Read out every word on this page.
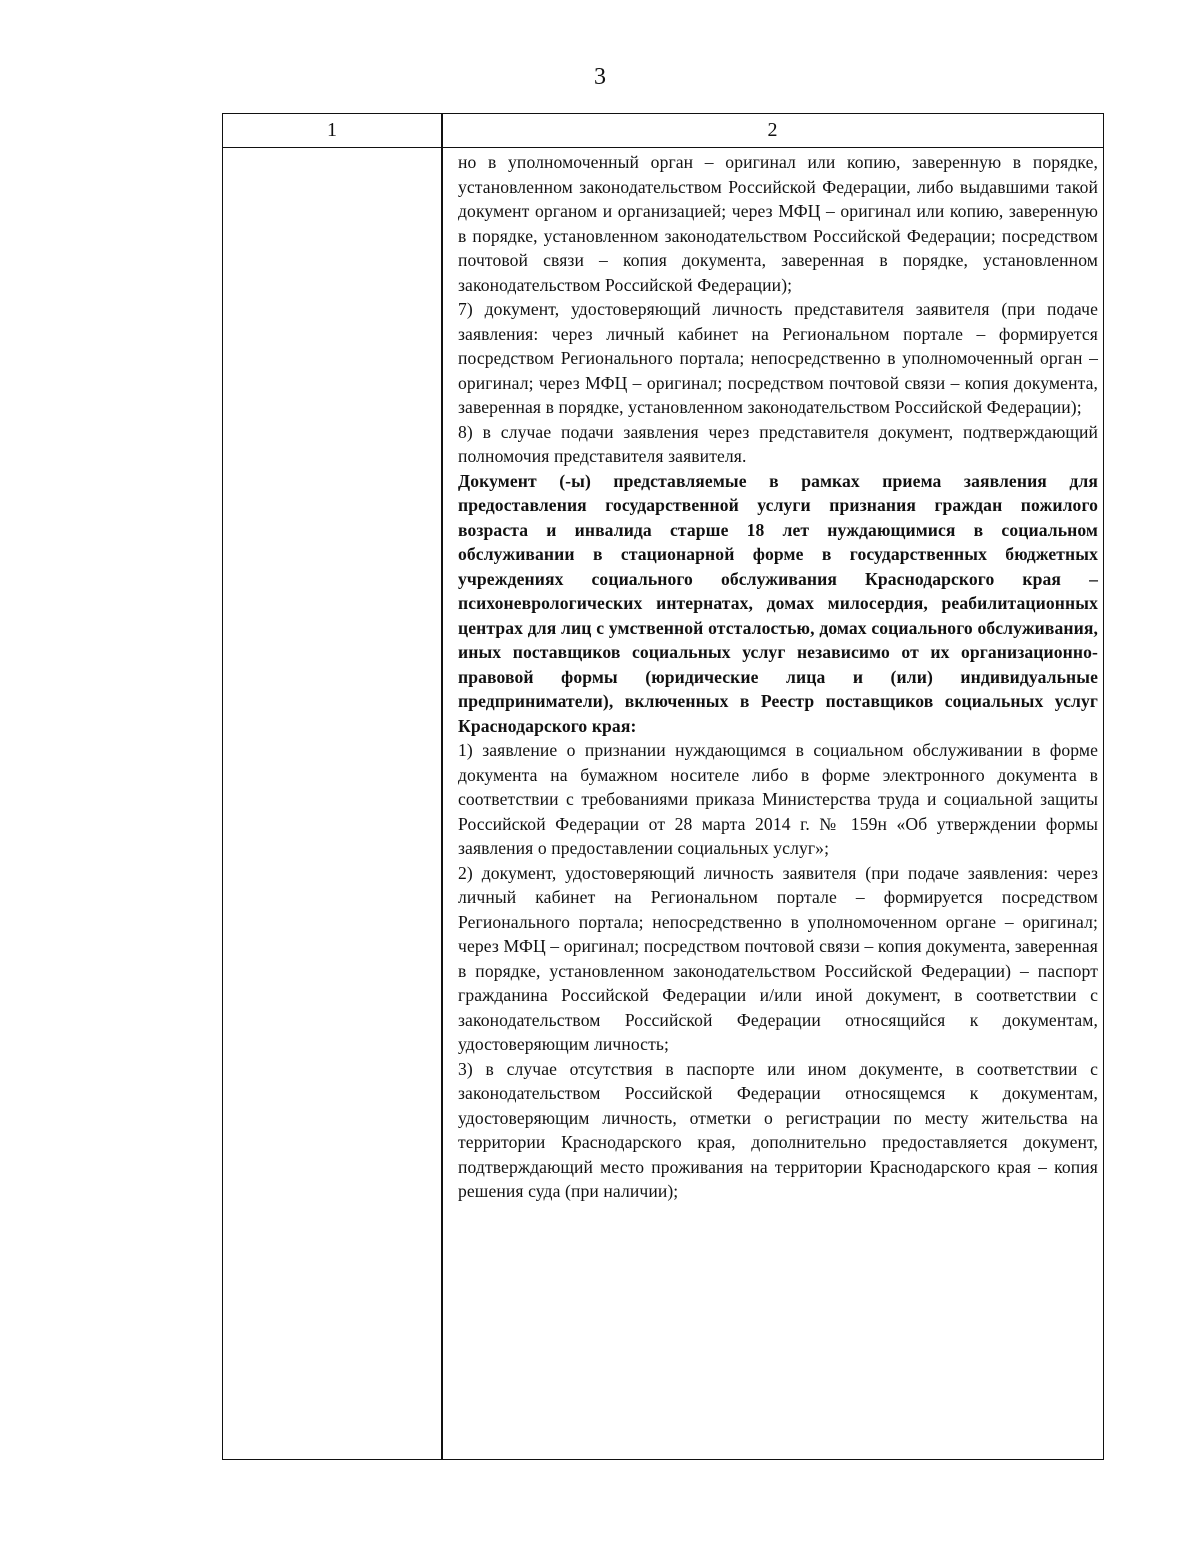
3
1	2

но в уполномоченный орган – оригинал или копию, заверенную в порядке, установленном законодательством Российской Федерации, либо выдавшими такой документ органом и организацией; через МФЦ – оригинал или копию, заверенную в порядке, установленном законодательством Российской Федерации; посредством почтовой связи – копия документа, заверенная в порядке, установленном законодательством Российской Федерации);

7) документ, удостоверяющий личность представителя заявителя (при подаче заявления: через личный кабинет на Региональном портале – формируется посредством Регионального портала; непосредственно в уполномоченный орган – оригинал; через МФЦ – оригинал; посредством почтовой связи – копия документа, заверенная в порядке, установленном законодательством Российской Федерации);

8) в случае подачи заявления через представителя документ, подтверждающий полномочия представителя заявителя.

Документ (-ы) представляемые в рамках приема заявления для предоставления государственной услуги признания граждан пожилого возраста и инвалида старше 18 лет нуждающимися в социальном обслуживании в стационарной форме в государственных бюджетных учреждениях социального обслуживания Краснодарского края – психоневрологических интернатах, домах милосердия, реабилитационных центрах для лиц с умственной отсталостью, домах социального обслуживания, иных поставщиков социальных услуг независимо от их организационно-правовой формы (юридические лица и (или) индивидуальные предприниматели), включенных в Реестр поставщиков социальных услуг Краснодарского края:

1) заявление о признании нуждающимся в социальном обслуживании в форме документа на бумажном носителе либо в форме электронного документа в соответствии с требованиями приказа Министерства труда и социальной защиты Российской Федерации от 28 марта 2014 г. № 159н «Об утверждении формы заявления о предоставлении социальных услуг»;

2) документ, удостоверяющий личность заявителя (при подаче заявления: через личный кабинет на Региональном портале – формируется посредством Регионального портала; непосредственно в уполномоченном органе – оригинал; через МФЦ – оригинал; посредством почтовой связи – копия документа, заверенная в порядке, установленном законодательством Российской Федерации) – паспорт гражданина Российской Федерации и/или иной документ, в соответствии с законодательством Российской Федерации относящийся к документам, удостоверяющим личность;

3) в случае отсутствия в паспорте или ином документе, в соответствии с законодательством Российской Федерации относящемся к документам, удостоверяющим личность, отметки о регистрации по месту жительства на территории Краснодарского края, дополнительно предоставляется документ, подтверждающий место проживания на территории Краснодарского края – копия решения суда (при наличии);
